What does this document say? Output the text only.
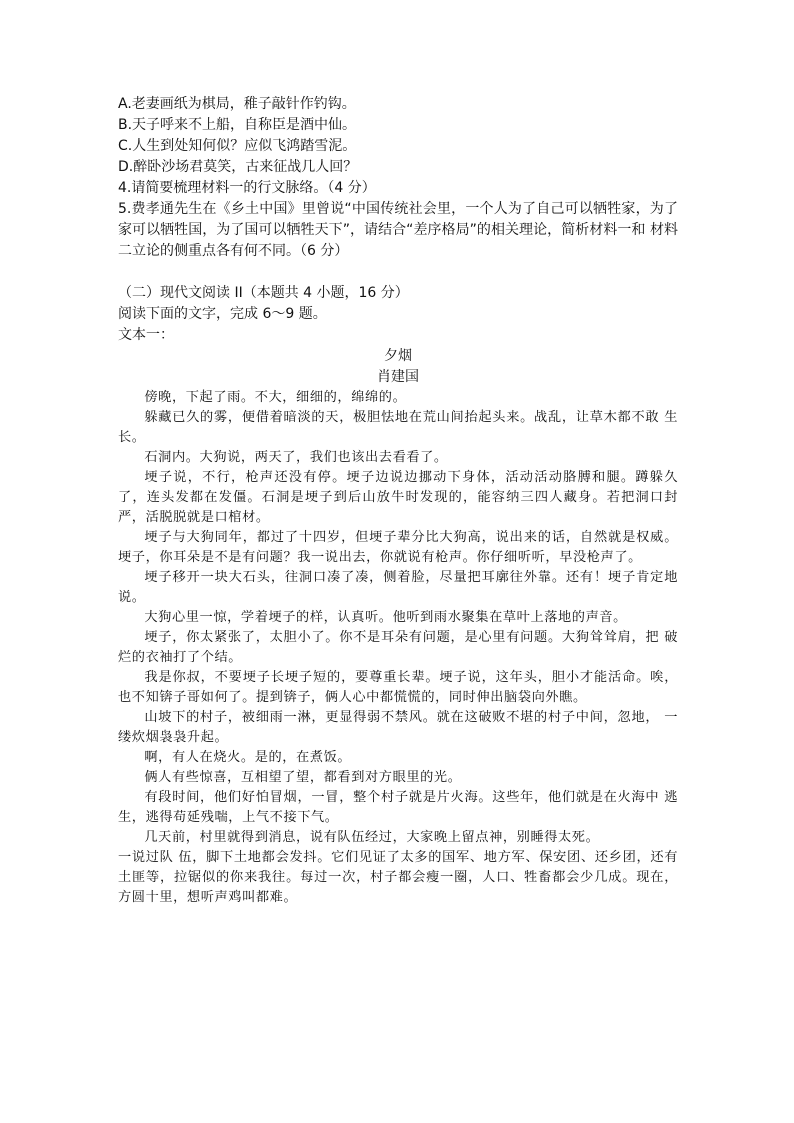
A.老妻画纸为棋局，稚子敲针作钓钩。
B.天子呼来不上船，自称臣是酒中仙。
C.人生到处知何似？应似飞鸿踏雪泥。
D.醉卧沙场君莫笑，古来征战几人回？
4.请简要梳理材料一的行文脉络。（4 分）
5.费孝通先生在《乡土中国》里曾说“中国传统社会里，一个人为了自己可以牺牲家，为了家可以牺牲国，为了国可以牺牲天下”，请结合“差序格局”的相关理论，简析材料一和 材料二立论的侧重点各有何不同。（6 分）
（二）现代文阅读 II（本题共 4 小题，16 分）
阅读下面的文字，完成 6～9 题。
文本一：
夕烟
肖建国

傍晚，下起了雨。不大，细细的，绵绵的。

躲藏已久的雾，便借着暗淡的天，极胆怯地在荒山间抬起头来。战乱，让草木都不敢 生长。

石洞内。大狗说，两天了，我们也该出去看看了。

埂子说，不行，枪声还没有停。埂子边说边挪动下身体，活动活动胳膊和腿。蹲躲久了，连头发都在发僵。石洞是埂子到后山放牛时发现的，能容纳三四人藏身。若把洞口封严，活脱脱就是口棺材。

埂子与大狗同年，都过了十四岁，但埂子辈分比大狗高，说出来的话，自然就是权威。埂子，你耳朵是不是有问题？我一说出去，你就说有枪声。你仔细听听，早没枪声了。

埂子移开一块大石头，往洞口凑了凑，侧着脸，尽量把耳廓往外靠。还有！埂子肯定地说。

大狗心里一惊，学着埂子的样，认真听。他听到雨水聚集在草叶上落地的声音。

埂子，你太紧张了，太胆小了。你不是耳朵有问题，是心里有问题。大狗耸耸肩，把 破烂的衣袖打了个结。

我是你叔，不要埂子长埂子短的，要尊重长辈。埂子说，这年头，胆小才能活命。唉， 也不知锛子哥如何了。提到锛子，俩人心中都慌慌的，同时伸出脑袋向外瞧。

山坡下的村子，被细雨一淋，更显得弱不禁风。就在这破败不堪的村子中间，忽地， 一缕炊烟袅袅升起。

啊，有人在烧火。是的，在煮饭。

俩人有些惊喜，互相望了望，都看到对方眼里的光。

有段时间，他们好怕冒烟，一冒，整个村子就是片火海。这些年，他们就是在火海中 逃生，逃得苟延残喘，上气不接下气。

几天前，村里就得到消息，说有队伍经过，大家晚上留点神，别睡得太死。

一说过队 伍，脚下土地都会发抖。它们见证了太多的国军、地方军、保安团、还乡团，还有土匪等，拉锯似的你来我往。每过一次，村子都会瘦一圈，人口、牲畜都会少几成。现在，方圆十里，想听声鸡叫都难。
